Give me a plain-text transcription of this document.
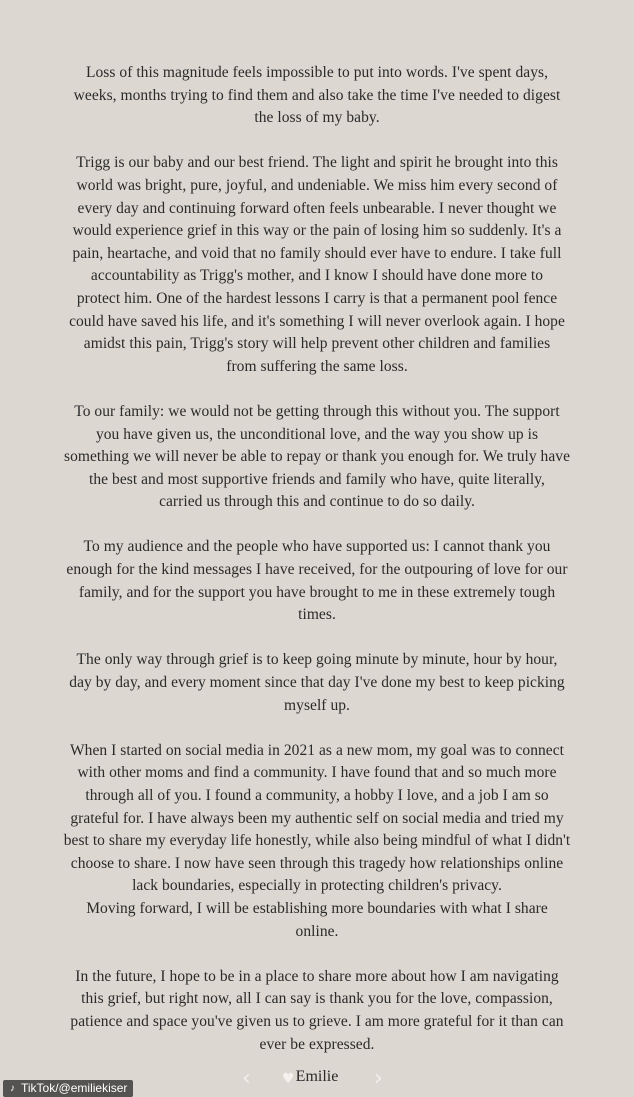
Loss of this magnitude feels impossible to put into words. I've spent days,
weeks, months trying to find them and also take the time I've needed to digest
the loss of my baby.

Trigg is our baby and our best friend. The light and spirit he brought into this
world was bright, pure, joyful, and undeniable. We miss him every second of
every day and continuing forward often feels unbearable. I never thought we
would experience grief in this way or the pain of losing him so suddenly. It's a
pain, heartache, and void that no family should ever have to endure. I take full
accountability as Trigg's mother, and I know I should have done more to
protect him. One of the hardest lessons I carry is that a permanent pool fence
could have saved his life, and it's something I will never overlook again. I hope
amidst this pain, Trigg's story will help prevent other children and families
from suffering the same loss.

To our family: we would not be getting through this without you. The support
you have given us, the unconditional love, and the way you show up is
something we will never be able to repay or thank you enough for. We truly have
the best and most supportive friends and family who have, quite literally,
carried us through this and continue to do so daily.

To my audience and the people who have supported us: I cannot thank you
enough for the kind messages I have received, for the outpouring of love for our
family, and for the support you have brought to me in these extremely tough
times.

The only way through grief is to keep going minute by minute, hour by hour,
day by day, and every moment since that day I've done my best to keep picking
myself up.

When I started on social media in 2021 as a new mom, my goal was to connect
with other moms and find a community. I have found that and so much more
through all of you. I found a community, a hobby I love, and a job I am so
grateful for. I have always been my authentic self on social media and tried my
best to share my everyday life honestly, while also being mindful of what I didn't
choose to share. I now have seen through this tragedy how relationships online
lack boundaries, especially in protecting children's privacy.
Moving forward, I will be establishing more boundaries with what I share
online.

In the future, I hope to be in a place to share more about how I am navigating
this grief, but right now, all I can say is thank you for the love, compassion,
patience and space you've given us to grieve. I am more grateful for it than can
ever be expressed.

‹ ♥ Emilie	›
♪ TikTok/@emiliekiser
